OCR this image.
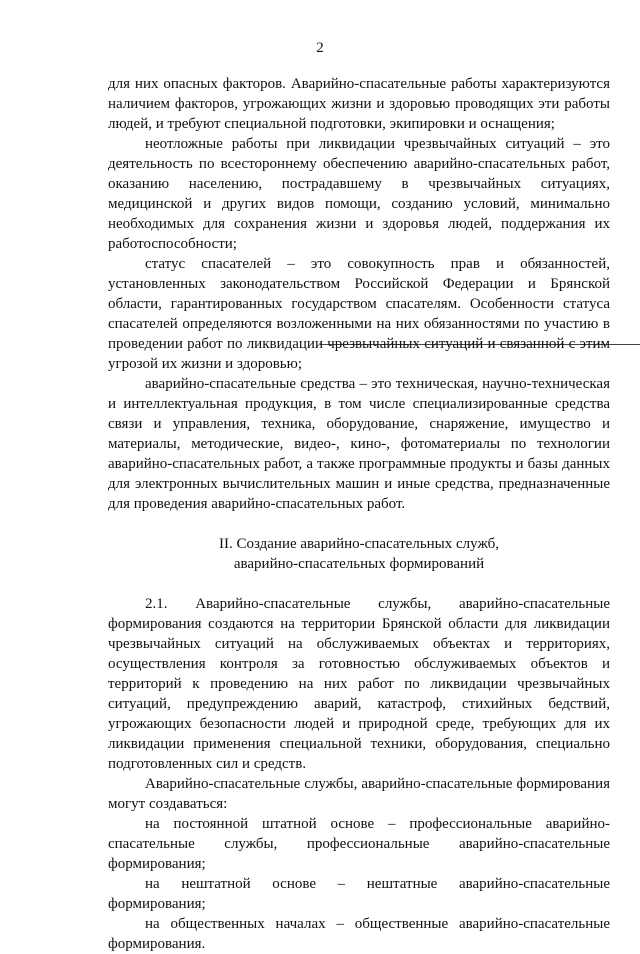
2

для них опасных факторов. Аварийно-спасательные работы характеризуются наличием факторов, угрожающих жизни и здоровью проводящих эти работы людей, и требуют специальной подготовки, экипировки и оснащения;

неотложные работы при ликвидации чрезвычайных ситуаций – это деятельность по всестороннему обеспечению аварийно-спасательных работ, оказанию населению, пострадавшему в чрезвычайных ситуациях, медицинской и других видов помощи, созданию условий, минимально необходимых для сохранения жизни и здоровья людей, поддержания их работоспособности;

статус спасателей – это совокупность прав и обязанностей, установленных законодательством Российской Федерации и Брянской области, гарантированных государством спасателям. Особенности статуса спасателей определяются возложенными на них обязанностями по участию в проведении работ по ликвидации чрезвычайных ситуаций и связанной с этим угрозой их жизни и здоровью;

аварийно-спасательные средства – это техническая, научно-техническая и интеллектуальная продукция, в том числе специализированные средства связи и управления, техника, оборудование, снаряжение, имущество и материалы, методические, видео-, кино-, фотоматериалы по технологии аварийно-спасательных работ, а также программные продукты и базы данных для электронных вычислительных машин и иные средства, предназначенные для проведения аварийно-спасательных работ.

II. Создание аварийно-спасательных служб,
аварийно-спасательных формирований

2.1. Аварийно-спасательные службы, аварийно-спасательные формирования создаются на территории Брянской области для ликвидации чрезвычайных ситуаций на обслуживаемых объектах и территориях, осуществления контроля за готовностью обслуживаемых объектов и территорий к проведению на них работ по ликвидации чрезвычайных ситуаций, предупреждению аварий, катастроф, стихийных бедствий, угрожающих безопасности людей и природной среде, требующих для их ликвидации применения специальной техники, оборудования, специально подготовленных сил и средств.

Аварийно-спасательные службы, аварийно-спасательные формирования могут создаваться:

на постоянной штатной основе – профессиональные аварийно-спасательные службы, профессиональные аварийно-спасательные формирования;

на нештатной основе – нештатные аварийно-спасательные формирования;

на общественных началах – общественные аварийно-спасательные формирования.
